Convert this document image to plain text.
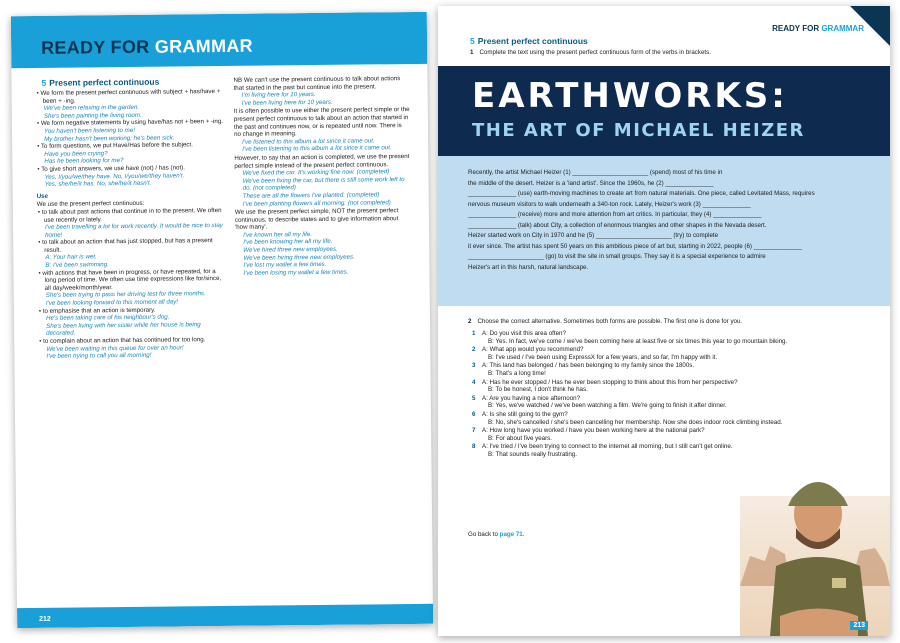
READY FOR GRAMMAR
5 Present perfect continuous
• We form the present perfect continuous with subject + has/have + been + -ing.
We've been relaxing in the garden.
She's been painting the living room.
• We form negative statements by using have/has not + been + -ing.
You haven't been listening to me!
My brother hasn't been working; he's been sick.
• To form questions, we put Have/Has before the subject.
Have you been crying?
Has he been looking for me?
• To give short answers, we use have (not) / has (not).
Yes, I/you/we/they have. No, I/you/we/they haven't.
Yes, she/he/it has. No, she/he/it hasn't.
Use
We use the present perfect continuous:
• to talk about past actions that continue in to the present. We often use recently or lately.
I've been travelling a lot for work recently. It would be nice to stay home!
• to talk about an action that has just stopped, but has a present result.
A: Your hair is wet.
B: I've been swimming.
• with actions that have been in progress, or have repeated, for a long period of time. We often use time expressions like for/since, all day/week/month/year.
She's been trying to pass her driving test for three months.
I've been looking forward to this moment all day!
• to emphasise that an action is temporary.
He's been taking care of his neighbour's dog.
She's been living with her sister while her house is being decorated.
• to complain about an action that has continued for too long.
We've been waiting in this queue for over an hour!
I've been trying to call you all morning!
NB We can't use the present continuous to talk about actions that started in the past but continue into the present.
I'm living here for 10 years.
I've been living here for 10 years.
It is often possible to use either the present perfect simple or the present perfect continuous to talk about an action that started in the past and continues now, or is repeated until now. There is no change in meaning.
I've listened to this album a lot since it came out.
I've been listening to this album a lot since it came out.
However, to say that an action is completed, we use the present perfect simple instead of the present perfect continuous.
We've fixed the car. It's working fine now. (completed)
We've been fixing the car, but there is still some work left to do. (not completed)
These are all the flowers I've planted. (completed)
I've been planting flowers all morning. (not completed)
We use the present perfect simple, NOT the present perfect continuous, to describe states and to give information about 'how many'.
I've known her all my life.
I've been knowing her all my life.
We've hired three new employees.
We've been hiring three new employees.
I've lost my wallet a few times.
I've been losing my wallet a few times.
212
READY FOR GRAMMAR
5 Present perfect continuous
1 Complete the text using the present perfect continuous form of the verbs in brackets.
EARTHWORKS:
THE ART OF MICHAEL HEIZER
Recently, the artist Michael Heizer (1) ______________________ (spend) most of his time in
the middle of the desert. Heizer is a 'land artist'. Since the 1960s, he (2) ______________
______________ (use) earth-moving machines to create art from natural materials. One piece, called Levitated Mass, requires
nervous museum visitors to walk underneath a 340-ton rock. Lately, Heizer's work (3) ______________
______________ (receive) more and more attention from art critics. In particular, they (4) ______________
______________ (talk) about City, a collection of enormous triangles and other shapes in the Nevada desert.
Heizer started work on City in 1970 and he (5) ______________________ (try) to complete
it ever since. The artist has spent 50 years on this ambitious piece of art but, starting in 2022, people (6) ______________
______________________ (go) to visit the site in small groups. They say it is a special experience to admire
Heizer's art in this harsh, natural landscape.
2 Choose the correct alternative. Sometimes both forms are possible. The first one is done for you.
1	A: Do you visit this area often?
B: Yes. In fact, we've come / we've been coming here at least five or six times this year to go mountain biking.
2	A: What app would you recommend?
B: I've used / I've been using ExpressX for a few years, and so far, I'm happy with it.
3	A: This land has belonged / has been belonging to my family since the 1800s.
B: That's a long time!
4	A: Has he ever stopped / Has he ever been stopping to think about this from her perspective?
B: To be honest, I don't think he has.
5	A: Are you having a nice afternoon?
B: Yes, we've watched / we've been watching a film. We're going to finish it after dinner.
6	A: Is she still going to the gym?
B: No, she's cancelled / she's been cancelling her membership. Now she does indoor rock climbing instead.
7	A: How long have you worked / have you been working here at the national park?
B: For about five years.
8	A: I've tried / I've been trying to connect to the internet all morning, but I still can't get online.
B: That sounds really frustrating.
Go back to page 71.
213
